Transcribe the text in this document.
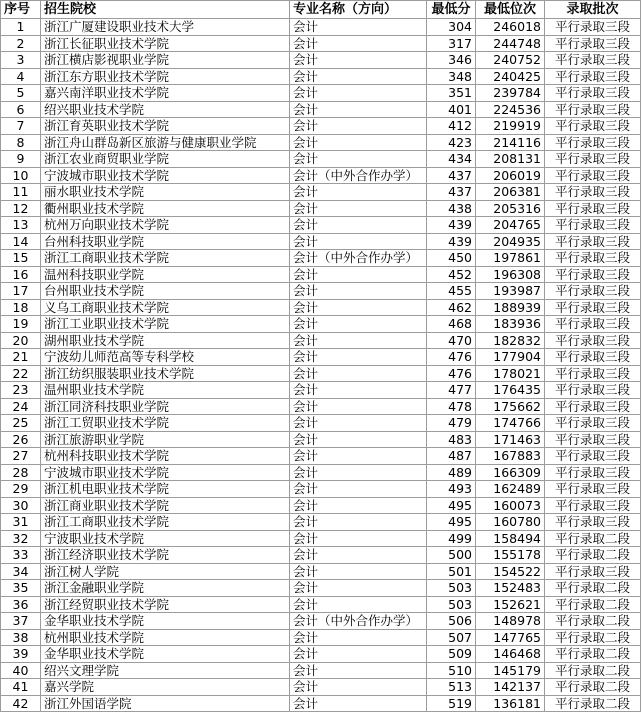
序号	招生院校	专业名称（方向）	最低分	最低位次	录取批次
1	浙江广厦建设职业技术大学	会计	304	246018	平行录取三段
2	浙江长征职业技术学院	会计	317	244748	平行录取三段
3	浙江横店影视职业学院	会计	346	240752	平行录取三段
4	浙江东方职业技术学院	会计	348	240425	平行录取三段
5	嘉兴南洋职业技术学院	会计	351	239784	平行录取三段
6	绍兴职业技术学院	会计	401	224536	平行录取三段
7	浙江育英职业技术学院	会计	412	219919	平行录取三段
8	浙江舟山群岛新区旅游与健康职业学院	会计	423	214116	平行录取三段
9	浙江农业商贸职业学院	会计	434	208131	平行录取三段
10	宁波城市职业技术学院	会计（中外合作办学）	437	206019	平行录取三段
11	丽水职业技术学院	会计	437	206381	平行录取三段
12	衢州职业技术学院	会计	438	205316	平行录取三段
13	杭州万向职业技术学院	会计	439	204765	平行录取三段
14	台州科技职业学院	会计	439	204935	平行录取三段
15	浙江工商职业技术学院	会计（中外合作办学）	450	197861	平行录取三段
16	温州科技职业学院	会计	452	196308	平行录取三段
17	台州职业技术学院	会计	455	193987	平行录取三段
18	义乌工商职业技术学院	会计	462	188939	平行录取三段
19	浙江工业职业技术学院	会计	468	183936	平行录取三段
20	湖州职业技术学院	会计	470	182832	平行录取三段
21	宁波幼儿师范高等专科学校	会计	476	177904	平行录取三段
22	浙江纺织服装职业技术学院	会计	476	178021	平行录取三段
23	温州职业技术学院	会计	477	176435	平行录取三段
24	浙江同济科技职业学院	会计	478	175662	平行录取三段
25	浙江工贸职业技术学院	会计	479	174766	平行录取三段
26	浙江旅游职业学院	会计	483	171463	平行录取三段
27	杭州科技职业技术学院	会计	487	167883	平行录取三段
28	宁波城市职业技术学院	会计	489	166309	平行录取三段
29	浙江机电职业技术学院	会计	493	162489	平行录取三段
30	浙江商业职业技术学院	会计	495	160073	平行录取三段
31	浙江工商职业技术学院	会计	495	160780	平行录取三段
32	宁波职业技术学院	会计	499	158494	平行录取二段
33	浙江经济职业技术学院	会计	500	155178	平行录取二段
34	浙江树人学院	会计	501	154522	平行录取三段
35	浙江金融职业学院	会计	503	152483	平行录取二段
36	浙江经贸职业技术学院	会计	503	152621	平行录取二段
37	金华职业技术学院	会计（中外合作办学）	506	148978	平行录取二段
38	杭州职业技术学院	会计	507	147765	平行录取二段
39	金华职业技术学院	会计	509	146468	平行录取二段
40	绍兴文理学院	会计	510	145179	平行录取二段
41	嘉兴学院	会计	513	142137	平行录取二段
42	浙江外国语学院	会计	519	136181	平行录取二段
